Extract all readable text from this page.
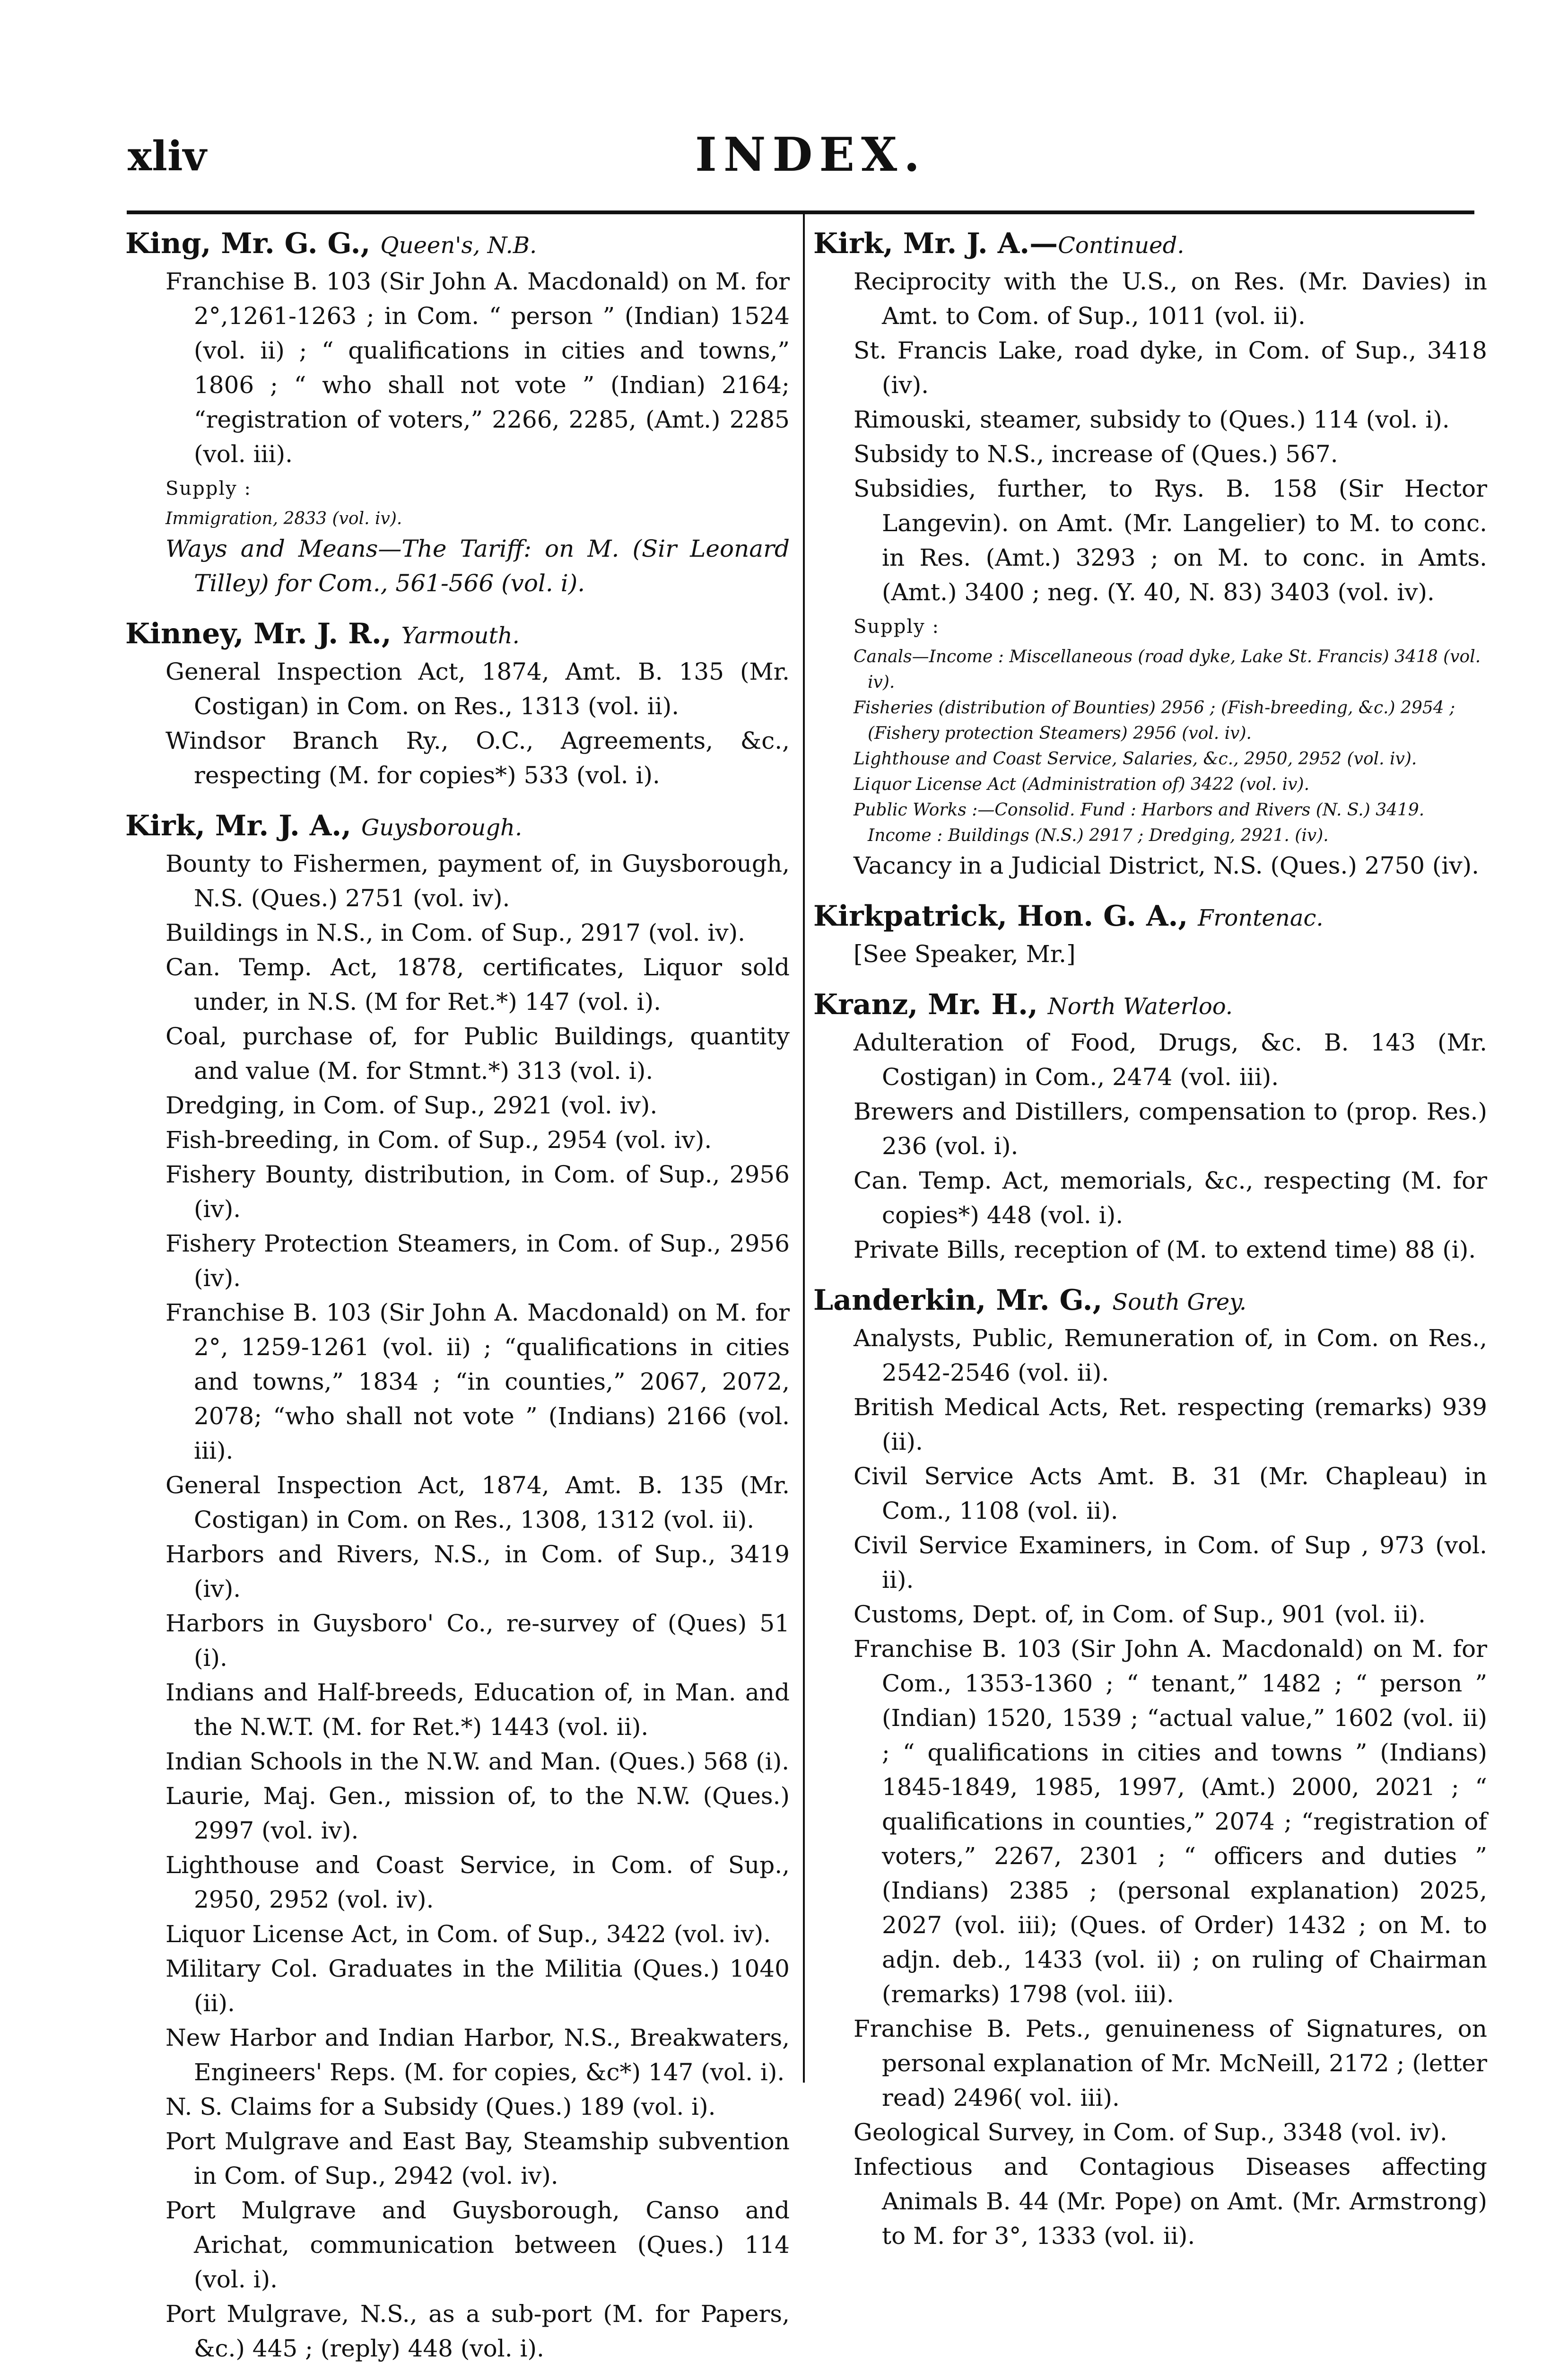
xliv	INDEX.
King, Mr. G. G., Queen's, N.B.
Franchise B. 103 (Sir John A. Macdonald) on M. for 2°,1261-1263 ; in Com. “ person ” (Indian) 1524 (vol. ii) ; “ qualifications in cities and towns,” 1806 ; “ who shall not vote ” (Indian) 2164; “registration of voters,” 2266, 2285, (Amt.) 2285 (vol. iii).
Supply :
Immigration, 2833 (vol. iv).
Ways and Means—The Tariff: on M. (Sir Leonard Tilley) for Com., 561-566 (vol. i).
Kinney, Mr. J. R., Yarmouth.
General Inspection Act, 1874, Amt. B. 135 (Mr. Costigan) in Com. on Res., 1313 (vol. ii).
Windsor Branch Ry., O.C., Agreements, &c., respecting (M. for copies*) 533 (vol. i).
Kirk, Mr. J. A., Guysborough.
Bounty to Fishermen, payment of, in Guysborough, N.S. (Ques.) 2751 (vol. iv).
Buildings in N.S., in Com. of Sup., 2917 (vol. iv).
Can. Temp. Act, 1878, certificates, Liquor sold under, in N.S. (M for Ret.*) 147 (vol. i).
Coal, purchase of, for Public Buildings, quantity and value (M. for Stmnt.*) 313 (vol. i).
Dredging, in Com. of Sup., 2921 (vol. iv).
Fish-breeding, in Com. of Sup., 2954 (vol. iv).
Fishery Bounty, distribution, in Com. of Sup., 2956 (iv).
Fishery Protection Steamers, in Com. of Sup., 2956 (iv).
Franchise B. 103 (Sir John A. Macdonald) on M. for 2°, 1259-1261 (vol. ii) ; “qualifications in cities and towns,” 1834 ; “in counties,” 2067, 2072, 2078; “who shall not vote ” (Indians) 2166 (vol. iii).
General Inspection Act, 1874, Amt. B. 135 (Mr. Costigan) in Com. on Res., 1308, 1312 (vol. ii).
Harbors and Rivers, N.S., in Com. of Sup., 3419 (iv).
Harbors in Guysboro' Co., re-survey of (Ques) 51 (i).
Indians and Half-breeds, Education of, in Man. and the N.W.T. (M. for Ret.*) 1443 (vol. ii).
Indian Schools in the N.W. and Man. (Ques.) 568 (i).
Laurie, Maj. Gen., mission of, to the N.W. (Ques.) 2997 (vol. iv).
Lighthouse and Coast Service, in Com. of Sup., 2950, 2952 (vol. iv).
Liquor License Act, in Com. of Sup., 3422 (vol. iv).
Military Col. Graduates in the Militia (Ques.) 1040 (ii).
New Harbor and Indian Harbor, N.S., Breakwaters, Engineers' Reps. (M. for copies, &c*) 147 (vol. i).
N. S. Claims for a Subsidy (Ques.) 189 (vol. i).
Port Mulgrave and East Bay, Steamship subvention in Com. of Sup., 2942 (vol. iv).
Port Mulgrave and Guysborough, Canso and Arichat, communication between (Ques.) 114 (vol. i).
Port Mulgrave, N.S., as a sub-port (M. for Papers, &c.) 445 ; (reply) 448 (vol. i).
Kirk, Mr. J. A.—Continued.
Reciprocity with the U.S., on Res. (Mr. Davies) in Amt. to Com. of Sup., 1011 (vol. ii).
St. Francis Lake, road dyke, in Com. of Sup., 3418 (iv).
Rimouski, steamer, subsidy to (Ques.) 114 (vol. i).
Subsidy to N.S., increase of (Ques.) 567.
Subsidies, further, to Rys. B. 158 (Sir Hector Langevin). on Amt. (Mr. Langelier) to M. to conc. in Res. (Amt.) 3293 ; on M. to conc. in Amts. (Amt.) 3400 ; neg. (Y. 40, N. 83) 3403 (vol. iv).
Supply :
Canals—Income : Miscellaneous (road dyke, Lake St. Francis) 3418 (vol. iv).
Fisheries (distribution of Bounties) 2956 ; (Fish-breeding, &c.) 2954 ; (Fishery protection Steamers) 2956 (vol. iv).
Lighthouse and Coast Service, Salaries, &c., 2950, 2952 (vol. iv).
Liquor License Act (Administration of) 3422 (vol. iv).
Public Works :—Consolid. Fund : Harbors and Rivers (N. S.) 3419. Income : Buildings (N.S.) 2917 ; Dredging, 2921. (iv).
Vacancy in a Judicial District, N.S. (Ques.) 2750 (iv).
Kirkpatrick, Hon. G. A., Frontenac.
[See Speaker, Mr.]
Kranz, Mr. H., North Waterloo.
Adulteration of Food, Drugs, &c. B. 143 (Mr. Costigan) in Com., 2474 (vol. iii).
Brewers and Distillers, compensation to (prop. Res.) 236 (vol. i).
Can. Temp. Act, memorials, &c., respecting (M. for copies*) 448 (vol. i).
Private Bills, reception of (M. to extend time) 88 (i).
Landerkin, Mr. G., South Grey.
Analysts, Public, Remuneration of, in Com. on Res., 2542-2546 (vol. ii).
British Medical Acts, Ret. respecting (remarks) 939 (ii).
Civil Service Acts Amt. B. 31 (Mr. Chapleau) in Com., 1108 (vol. ii).
Civil Service Examiners, in Com. of Sup , 973 (vol. ii).
Customs, Dept. of, in Com. of Sup., 901 (vol. ii).
Franchise B. 103 (Sir John A. Macdonald) on M. for Com., 1353-1360 ; “ tenant,” 1482 ; “ person ” (Indian) 1520, 1539 ; “actual value,” 1602 (vol. ii) ; “ qualifications in cities and towns ” (Indians) 1845-1849, 1985, 1997, (Amt.) 2000, 2021 ; “ qualifications in counties,” 2074 ; “registration of voters,” 2267, 2301 ; “ officers and duties ” (Indians) 2385 ; (personal explanation) 2025, 2027 (vol. iii); (Ques. of Order) 1432 ; on M. to adjn. deb., 1433 (vol. ii) ; on ruling of Chairman (remarks) 1798 (vol. iii).
Franchise B. Pets., genuineness of Signatures, on personal explanation of Mr. McNeill, 2172 ; (letter read) 2496( vol. iii).
Geological Survey, in Com. of Sup., 3348 (vol. iv).
Infectious and Contagious Diseases affecting Animals B. 44 (Mr. Pope) on Amt. (Mr. Armstrong) to M. for 3°, 1333 (vol. ii).
